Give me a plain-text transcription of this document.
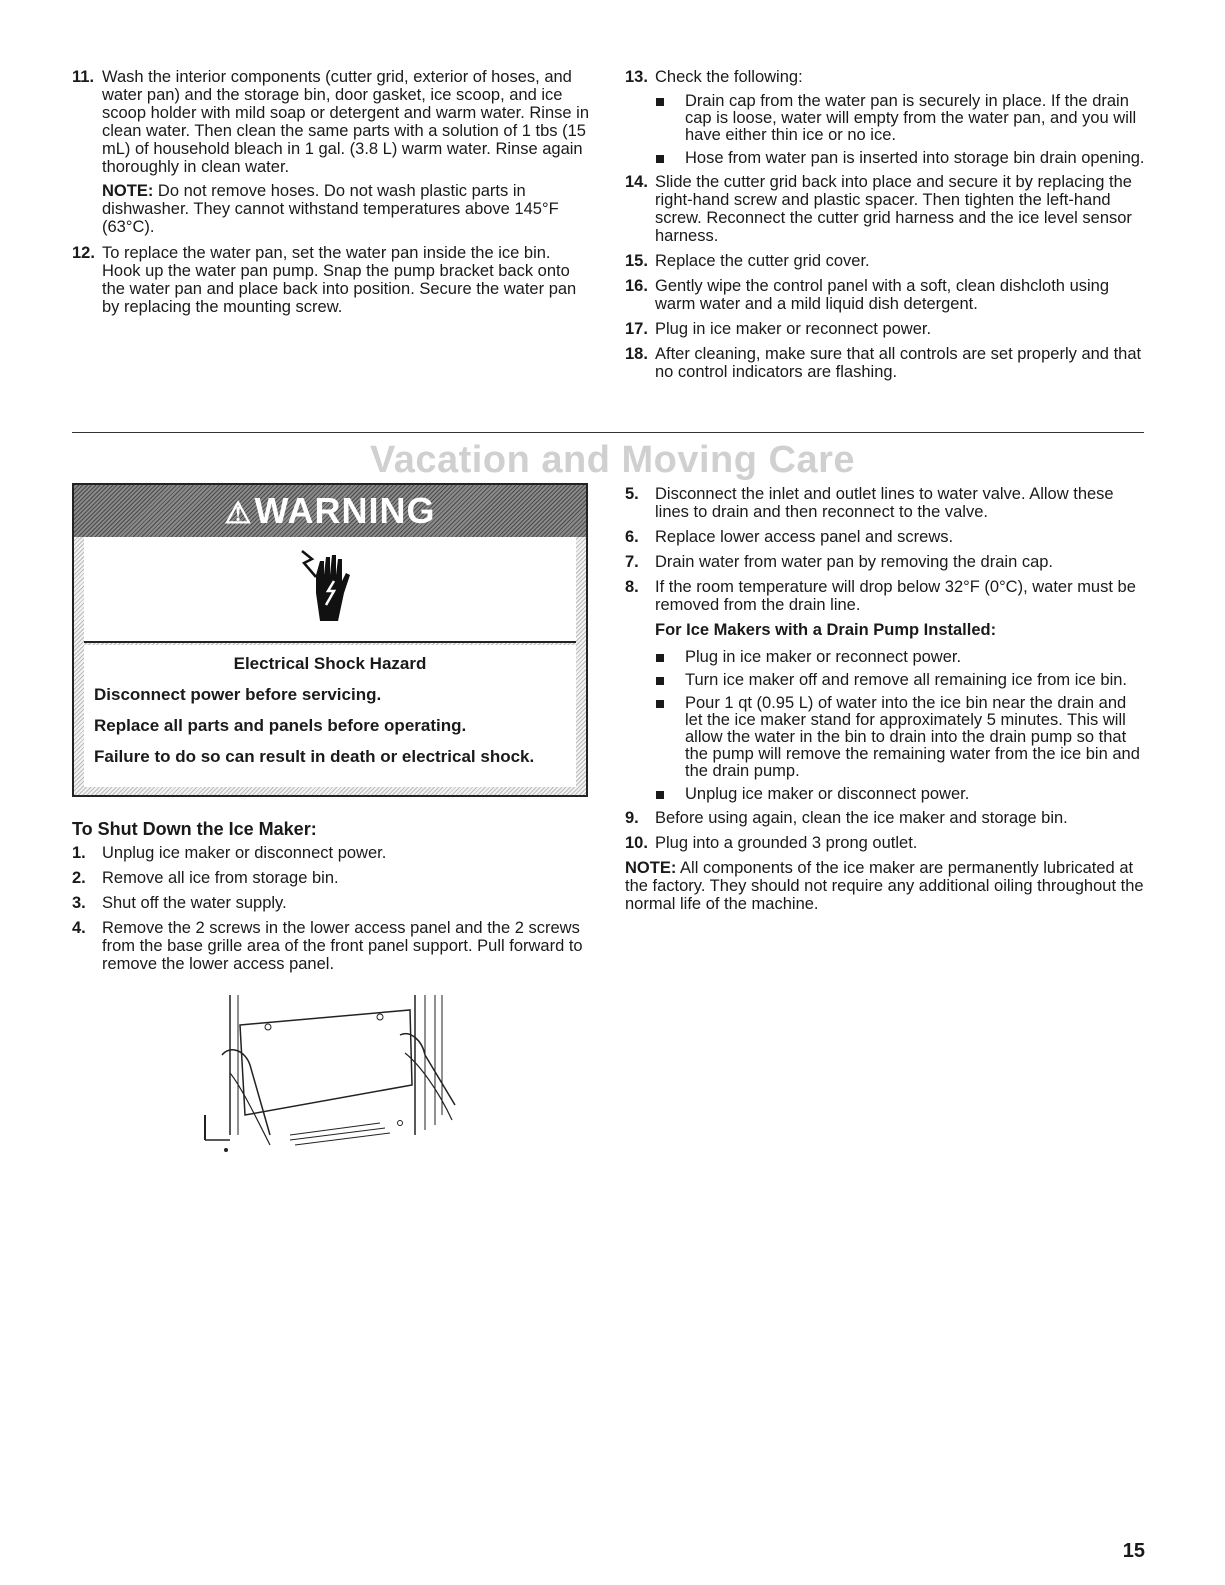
11. Wash the interior components (cutter grid, exterior of hoses, and water pan) and the storage bin, door gasket, ice scoop, and ice scoop holder with mild soap or detergent and warm water. Rinse in clean water. Then clean the same parts with a solution of 1 tbs (15 mL) of household bleach in 1 gal. (3.8 L) warm water. Rinse again thoroughly in clean water.
NOTE: Do not remove hoses. Do not wash plastic parts in dishwasher. They cannot withstand temperatures above 145°F (63°C).
12. To replace the water pan, set the water pan inside the ice bin. Hook up the water pan pump. Snap the pump bracket back onto the water pan and place back into position. Secure the water pan by replacing the mounting screw.
13. Check the following:
Drain cap from the water pan is securely in place. If the drain cap is loose, water will empty from the water pan, and you will have either thin ice or no ice.
Hose from water pan is inserted into storage bin drain opening.
14. Slide the cutter grid back into place and secure it by replacing the right-hand screw and plastic spacer. Then tighten the left-hand screw. Reconnect the cutter grid harness and the ice level sensor harness.
15. Replace the cutter grid cover.
16. Gently wipe the control panel with a soft, clean dishcloth using warm water and a mild liquid dish detergent.
17. Plug in ice maker or reconnect power.
18. After cleaning, make sure that all controls are set properly and that no control indicators are flashing.
Vacation and Moving Care
⚠WARNING
Electrical Shock Hazard
Disconnect power before servicing.
Replace all parts and panels before operating.
Failure to do so can result in death or electrical shock.
To Shut Down the Ice Maker:
1. Unplug ice maker or disconnect power.
2. Remove all ice from storage bin.
3. Shut off the water supply.
4. Remove the 2 screws in the lower access panel and the 2 screws from the base grille area of the front panel support. Pull forward to remove the lower access panel.
5. Disconnect the inlet and outlet lines to water valve. Allow these lines to drain and then reconnect to the valve.
6. Replace lower access panel and screws.
7. Drain water from water pan by removing the drain cap.
8. If the room temperature will drop below 32°F (0°C), water must be removed from the drain line.
For Ice Makers with a Drain Pump Installed:
Plug in ice maker or reconnect power.
Turn ice maker off and remove all remaining ice from ice bin.
Pour 1 qt (0.95 L) of water into the ice bin near the drain and let the ice maker stand for approximately 5 minutes. This will allow the water in the bin to drain into the drain pump so that the pump will remove the remaining water from the ice bin and the drain pump.
Unplug ice maker or disconnect power.
9. Before using again, clean the ice maker and storage bin.
10. Plug into a grounded 3 prong outlet.
NOTE: All components of the ice maker are permanently lubricated at the factory. They should not require any additional oiling throughout the normal life of the machine.
15
